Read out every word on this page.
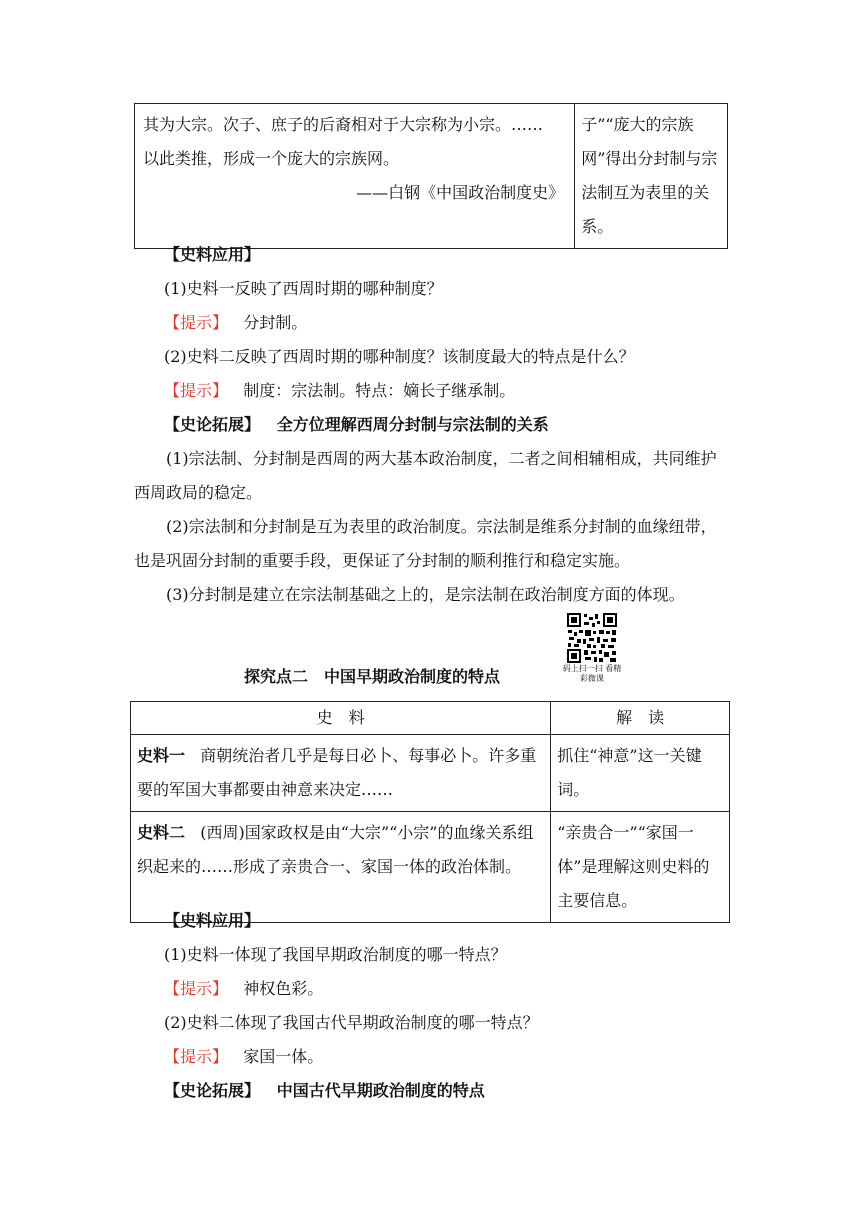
其为大宗。次子、庶子的后裔相对于大宗称为小宗。……
以此类推，形成一个庞大的宗族网。
——白钢《中国政治制度史》
	子”“庞大的宗族网”得出分封制与宗法制互为表里的关系。
【史料应用】
(1)史料一反映了西周时期的哪种制度？
【提示】 分封制。
(2)史料二反映了西周时期的哪种制度？该制度最大的特点是什么？
【提示】 制度：宗法制。特点：嫡长子继承制。
【史论拓展】 全方位理解西周分封制与宗法制的关系
(1)宗法制、分封制是西周的两大基本政治制度，二者之间相辅相成，共同维护西周政局的稳定。
(2)宗法制和分封制是互为表里的政治制度。宗法制是维系分封制的血缘纽带，也是巩固分封制的重要手段，更保证了分封制的顺利推行和稳定实施。
(3)分封制是建立在宗法制基础之上的，是宗法制在政治制度方面的体现。
码上扫一扫 看精彩微课
探究点二　中国早期政治制度的特点
史　料	解　读
史料一 商朝统治者几乎是每日必卜、每事必卜。许多重要的军国大事都要由神意来决定……	抓住“神意”这一关键词。
史料二 (西周)国家政权是由“大宗”“小宗”的血缘关系组织起来的……形成了亲贵合一、家国一体的政治体制。	“亲贵合一”“家国一体”是理解这则史料的主要信息。
【史料应用】
(1)史料一体现了我国早期政治制度的哪一特点？
【提示】 神权色彩。
(2)史料二体现了我国古代早期政治制度的哪一特点？
【提示】 家国一体。
【史论拓展】 中国古代早期政治制度的特点
